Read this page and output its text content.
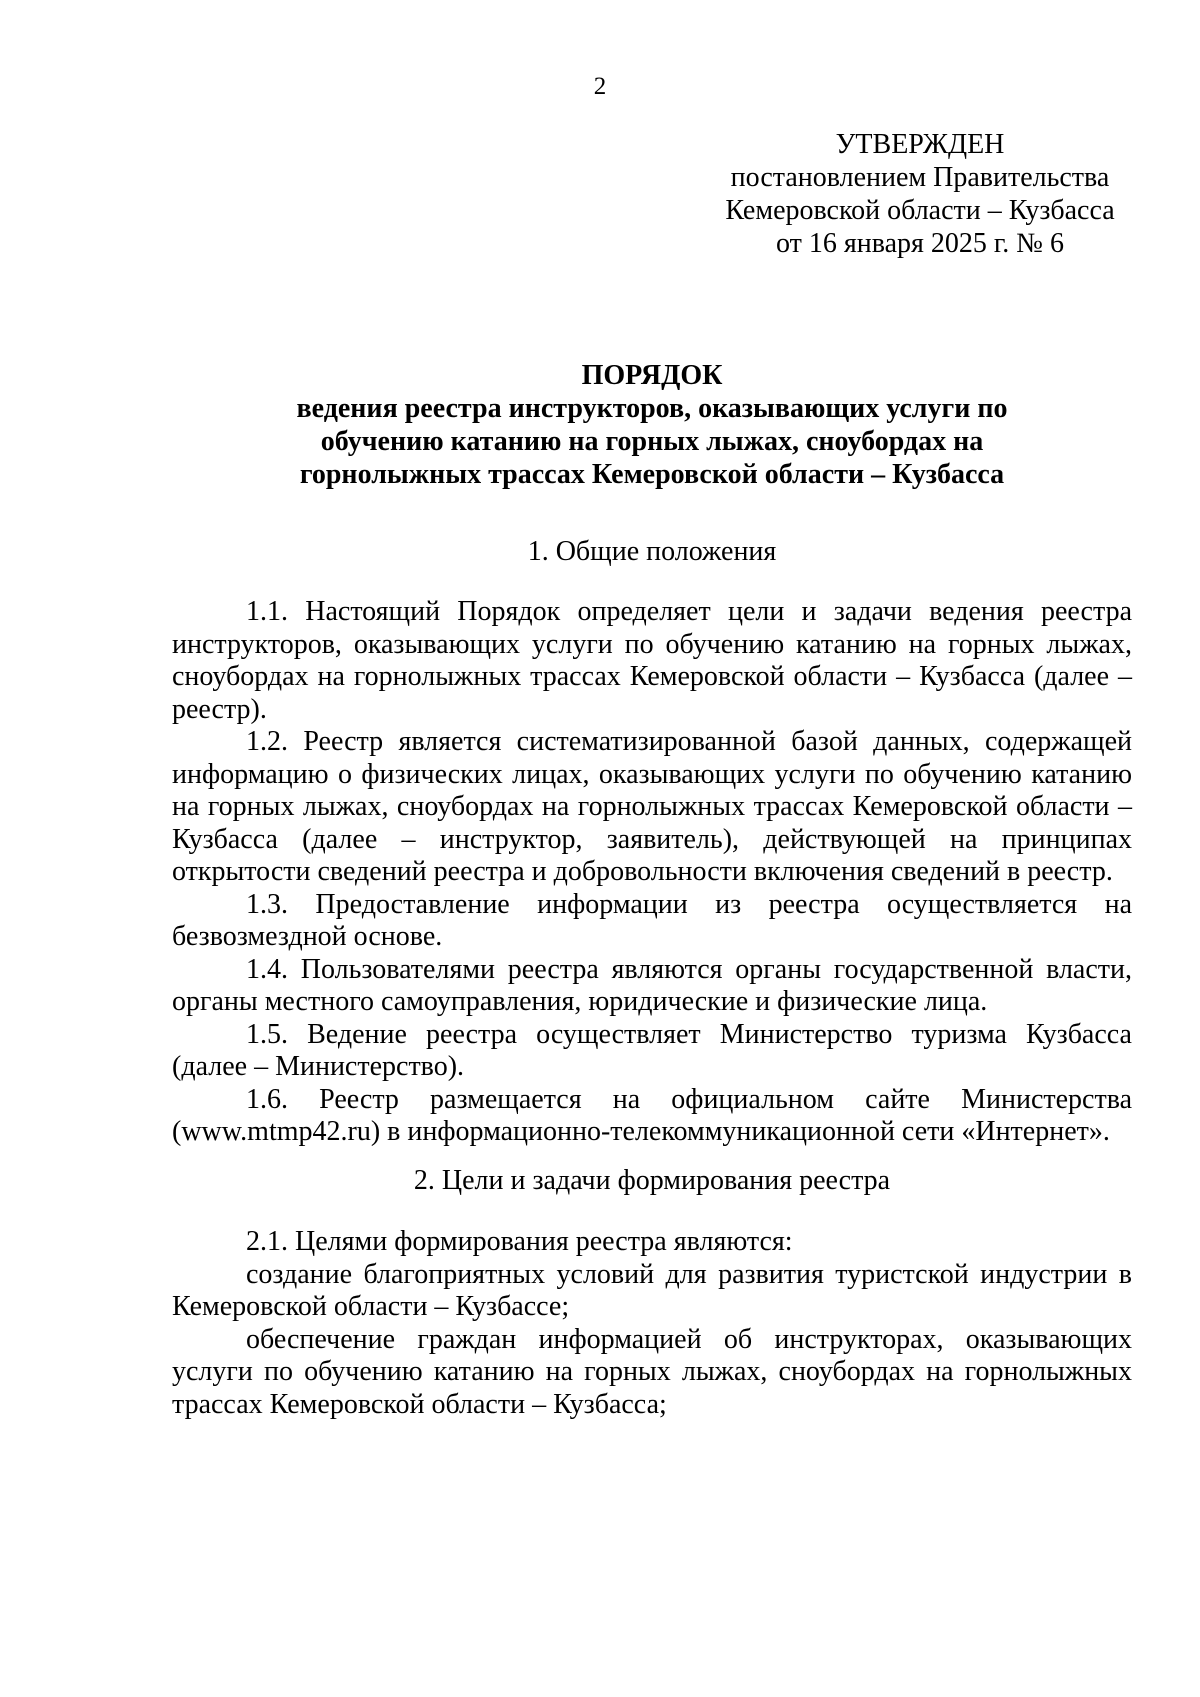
2
УТВЕРЖДЕН
постановлением Правительства
Кемеровской области – Кузбасса
от 16 января 2025 г. № 6
ПОРЯДОК
ведения реестра инструкторов, оказывающих услуги по
обучению катанию на горных лыжах, сноубордах на
горнолыжных трассах Кемеровской области – Кузбасса

1. Общие положения

1.1. Настоящий Порядок определяет цели и задачи ведения реестра инструкторов, оказывающих услуги по обучению катанию на горных лыжах, сноубордах на горнолыжных трассах Кемеровской области – Кузбасса (далее – реестр).

1.2. Реестр является систематизированной базой данных, содержащей информацию о физических лицах, оказывающих услуги по обучению катанию на горных лыжах, сноубордах на горнолыжных трассах Кемеровской области – Кузбасса (далее – инструктор, заявитель), действующей на принципах открытости сведений реестра и добровольности включения сведений в реестр.

1.3. Предоставление информации из реестра осуществляется на безвозмездной основе.

1.4. Пользователями реестра являются органы государственной власти, органы местного самоуправления, юридические и физические лица.

1.5. Ведение реестра осуществляет Министерство туризма Кузбасса (далее – Министерство).

1.6. Реестр размещается на официальном сайте Министерства (www.mtmp42.ru) в информационно-телекоммуникационной сети «Интернет».

2. Цели и задачи формирования реестра

2.1. Целями формирования реестра являются:

создание благоприятных условий для развития туристской индустрии в Кемеровской области – Кузбассе;

обеспечение граждан информацией об инструкторах, оказывающих услуги по обучению катанию на горных лыжах, сноубордах на горнолыжных трассах Кемеровской области – Кузбасса;
